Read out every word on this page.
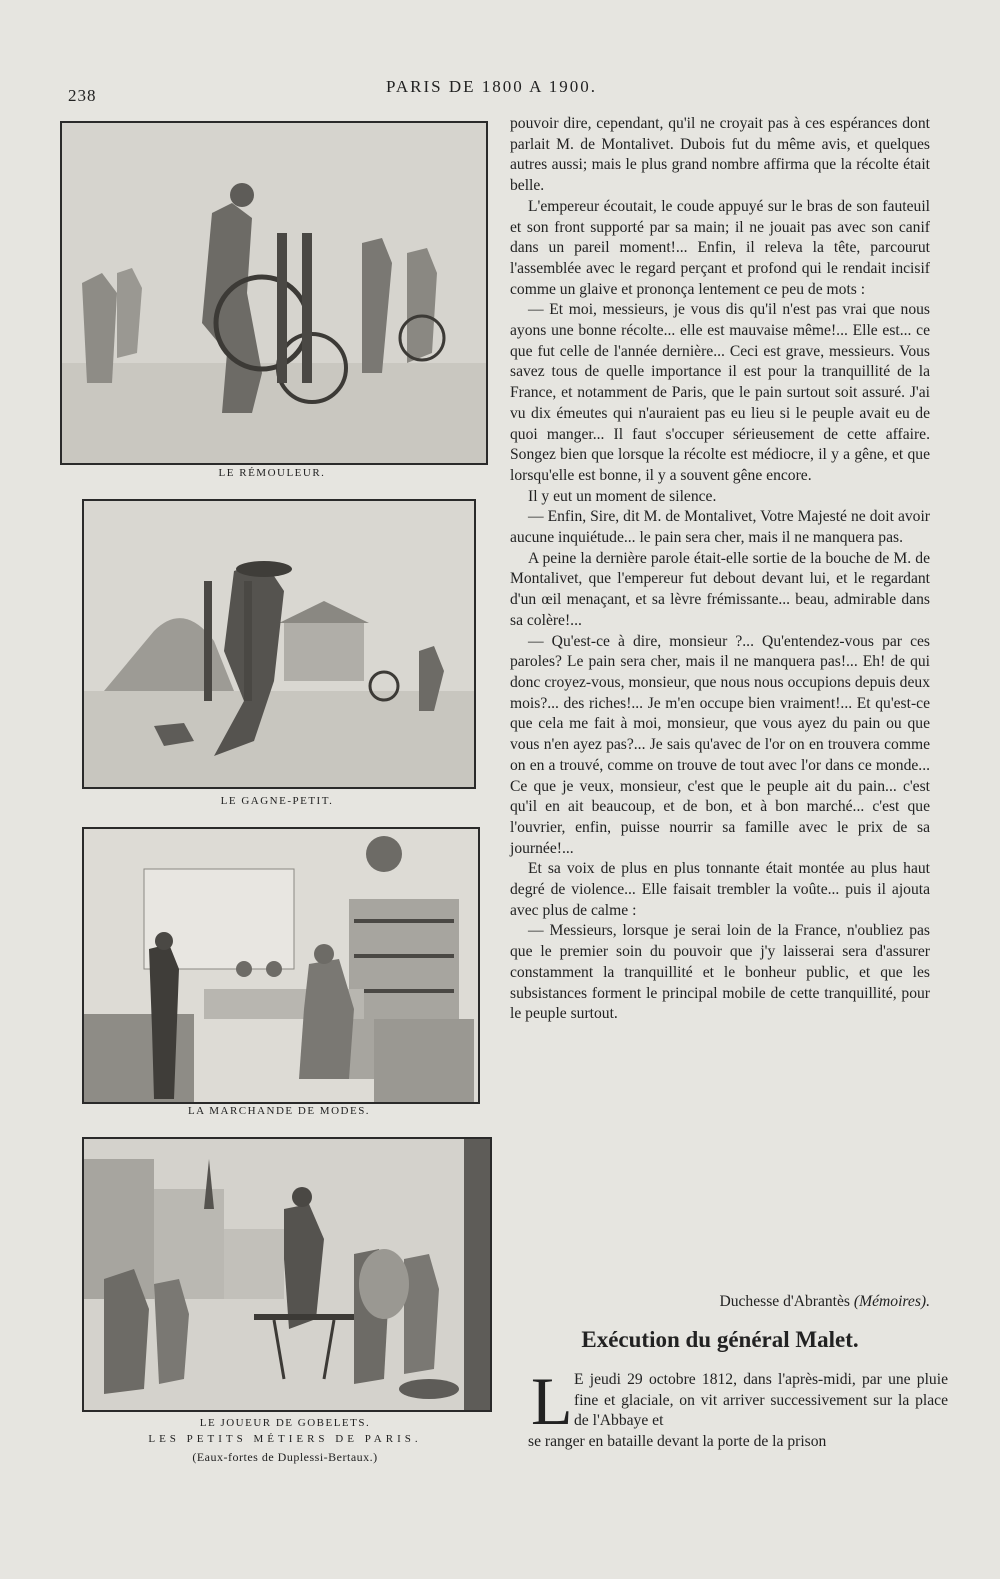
238	PARIS DE 1800 A 1900.
LE RÉMOULEUR.
LE GAGNE-PETIT.
LA MARCHANDE DE MODES.
LE JOUEUR DE GOBELETS.
LES PETITS MÉTIERS DE PARIS.
(Eaux-fortes de Duplessi-Bertaux.)

pouvoir dire, cependant, qu'il ne croyait pas à ces espérances dont parlait M. de Montalivet. Dubois fut du même avis, et quelques autres aussi; mais le plus grand nombre affirma que la récolte était belle.

L'empereur écoutait, le coude appuyé sur le bras de son fauteuil et son front supporté par sa main; il ne jouait pas avec son canif dans un pareil moment!... Enfin, il releva la tête, parcourut l'assemblée avec le regard perçant et profond qui le rendait incisif comme un glaive et prononça lentement ce peu de mots :

— Et moi, messieurs, je vous dis qu'il n'est pas vrai que nous ayons une bonne récolte... elle est mauvaise même!... Elle est... ce que fut celle de l'année dernière... Ceci est grave, messieurs. Vous savez tous de quelle importance il est pour la tranquillité de la France, et notamment de Paris, que le pain surtout soit assuré. J'ai vu dix émeutes qui n'auraient pas eu lieu si le peuple avait eu de quoi manger... Il faut s'occuper sérieusement de cette affaire. Songez bien que lorsque la récolte est médiocre, il y a gêne, et que lorsqu'elle est bonne, il y a souvent gêne encore.

Il y eut un moment de silence.

— Enfin, Sire, dit M. de Montalivet, Votre Majesté ne doit avoir aucune inquiétude... le pain sera cher, mais il ne manquera pas.

A peine la dernière parole était-elle sortie de la bouche de M. de Montalivet, que l'empereur fut debout devant lui, et le regardant d'un œil menaçant, et sa lèvre frémissante... beau, admirable dans sa colère!...

— Qu'est-ce à dire, monsieur ?... Qu'entendez-vous par ces paroles? Le pain sera cher, mais il ne manquera pas!... Eh! de qui donc croyez-vous, monsieur, que nous nous occupions depuis deux mois?... des riches!... Je m'en occupe bien vraiment!... Et qu'est-ce que cela me fait à moi, monsieur, que vous ayez du pain ou que vous n'en ayez pas?... Je sais qu'avec de l'or on en trouvera comme on en a trouvé, comme on trouve de tout avec l'or dans ce monde... Ce que je veux, monsieur, c'est que le peuple ait du pain... c'est qu'il en ait beaucoup, et de bon, et à bon marché... c'est que l'ouvrier, enfin, puisse nourrir sa famille avec le prix de sa journée!...

Et sa voix de plus en plus tonnante était montée au plus haut degré de violence... Elle faisait trembler la voûte... puis il ajouta avec plus de calme :

— Messieurs, lorsque je serai loin de la France, n'oubliez pas que le premier soin du pouvoir que j'y laisserai sera d'assurer constamment la tranquillité et le bonheur public, et que les subsistances forment le principal mobile de cette tranquillité, pour le peuple surtout.

Duchesse d'Abrantès (Mémoires).
Exécution du général Malet.
L E jeudi 29 octobre 1812, dans l'après-midi, par une pluie fine et glaciale, on vit arriver successivement sur la place de l'Abbaye et
se ranger en bataille devant la porte de la prison
